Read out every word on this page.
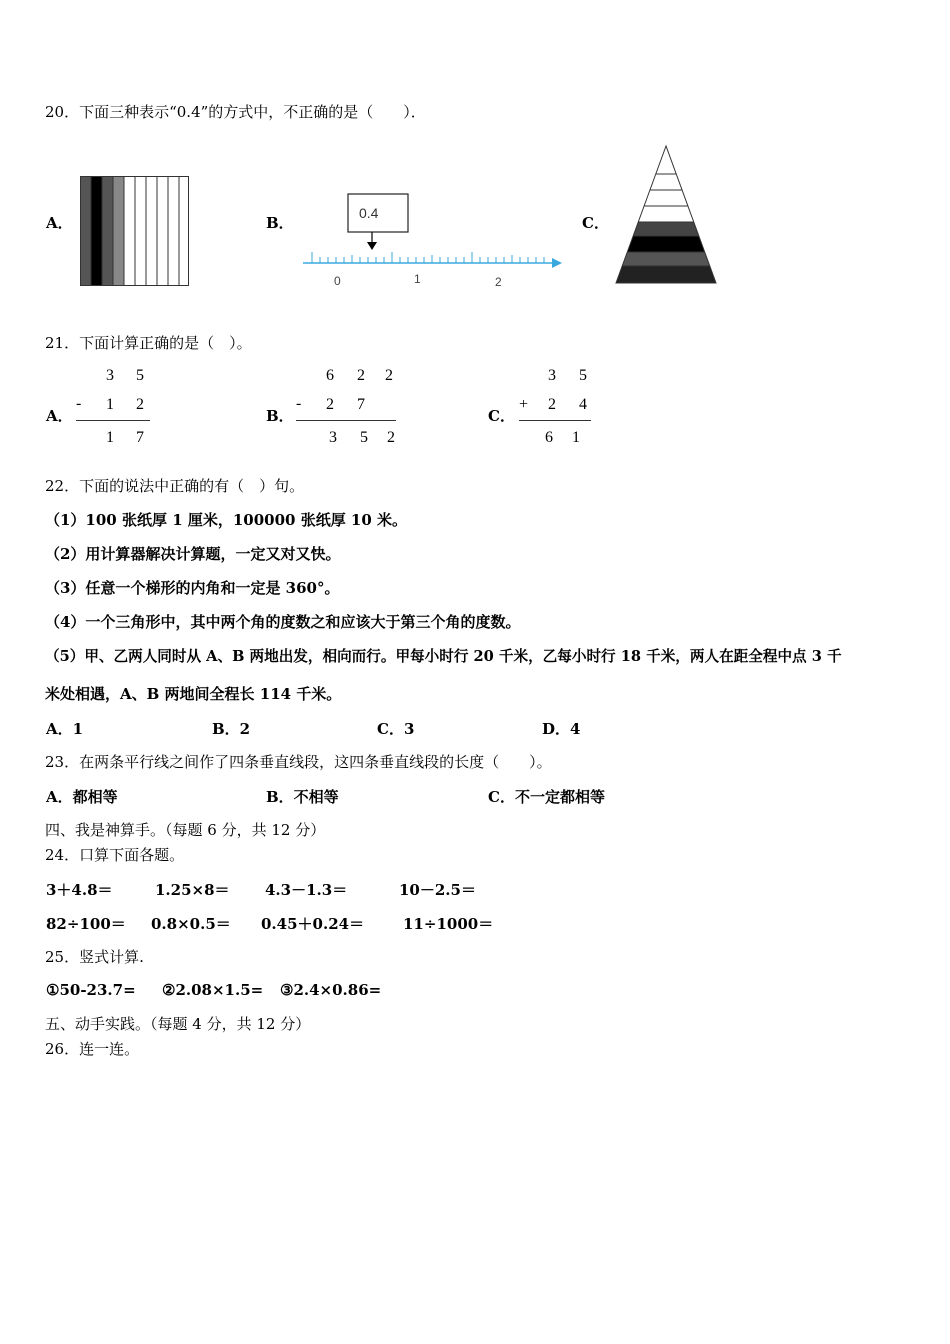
20．下面三种表示“0.4”的方式中，不正确的是（　　）．
A．	B．
0.4
0	1	2
C．
21．下面计算正确的是（　）。
A．
-
3 5
1 2
1 7
B．
-
6 2 2
2 7
3 5 2
C．
+
3 5
2 4
6 1
22．下面的说法中正确的有（　）句。
（1）100 张纸厚 1 厘米，100000 张纸厚 10 米。
（2）用计算器解决计算题，一定又对又快。
（3）任意一个梯形的内角和一定是 360°。
（4）一个三角形中，其中两个角的度数之和应该大于第三个角的度数。
（5）甲、乙两人同时从 A、B 两地出发，相向而行。甲每小时行 20 千米，乙每小时行 18 千米，两人在距全程中点 3 千
米处相遇，A、B 两地间全程长 114 千米。
A．1	B．2	C．3	D．4
23．在两条平行线之间作了四条垂直线段，这四条垂直线段的长度（　　）。
A．都相等	B．不相等	C．不一定都相等
四、我是神算手。（每题 6 分，共 12 分）
24．口算下面各题。
3＋4.8＝	1.25×8＝ 4.3－1.3＝	10－2.5＝
82÷100＝ 0.8×0.5＝ 0.45＋0.24＝	11÷1000＝
25．竖式计算.
①50-23.7= ②2.08×1.5= ③2.4×0.86=
五、动手实践。（每题 4 分，共 12 分）
26．连一连。
